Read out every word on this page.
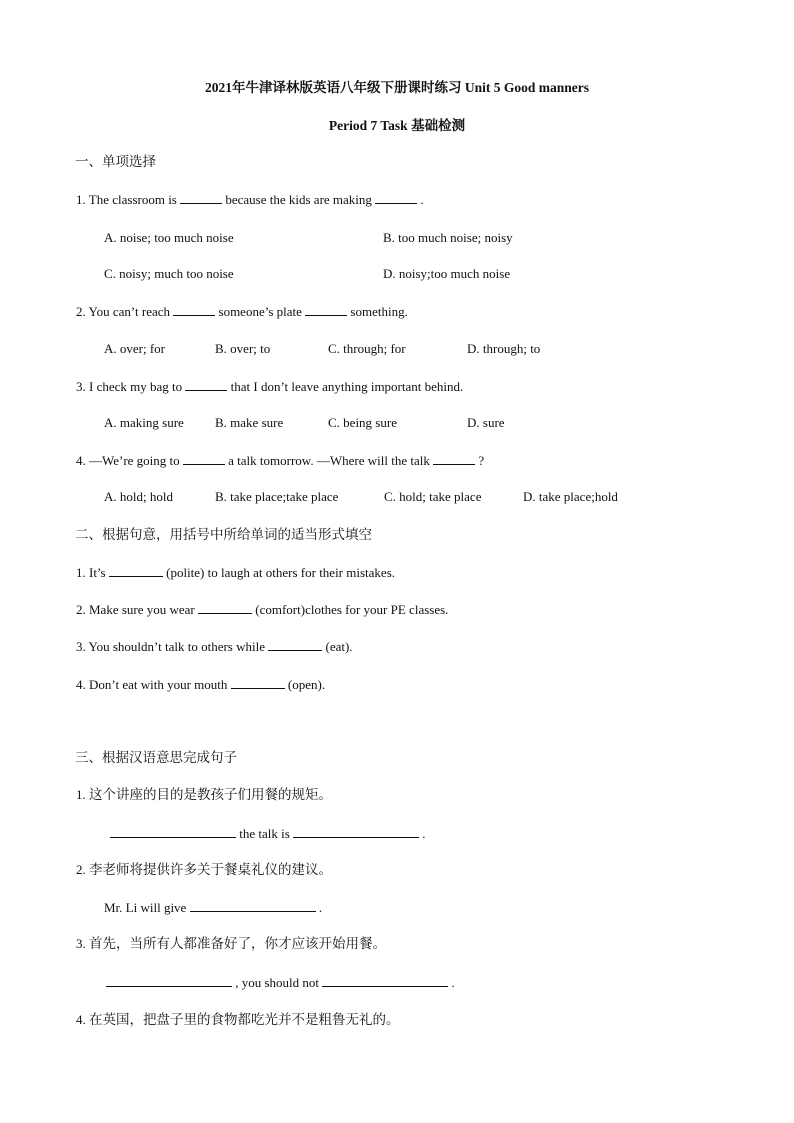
2021年牛津译林版英语八年级下册课时练习 Unit 5 Good manners
Period 7 Task 基础检测
一、单项选择
1. The classroom is	because the kids are making	.
A. noise; too much noise	B. too much noise; noisy
C. noisy; much too noise	D. noisy;too much noise
2. You can’t reach	someone’s plate	something.
A. over; for	B. over; to	C. through; for	D. through; to
3. I check my bag to	that I don’t leave anything important behind.
A. making sure B. make sure	C. being sure	D. sure
4. —We’re going to	a talk tomorrow. —Where will the talk	?
A. hold; hold	B. take place;take place	C. hold; take place	D. take place;hold
二、根据句意，用括号中所给单词的适当形式填空
1. It’s	(polite) to laugh at others for their mistakes.
2. Make sure you wear	(comfort)clothes for your PE classes.
3. You shouldn’t talk to others while	(eat).
4. Don’t eat with your mouth	(open).
三、根据汉语意思完成句子
1. 这个讲座的目的是教孩子们用餐的规矩。
the talk is	.
2. 李老师将提供许多关于餐桌礼仪的建议。
Mr. Li will give	.
3. 首先，当所有人都准备好了，你才应该开始用餐。
, you should not	.
4. 在英国，把盘子里的食物都吃光并不是粗鲁无礼的。
